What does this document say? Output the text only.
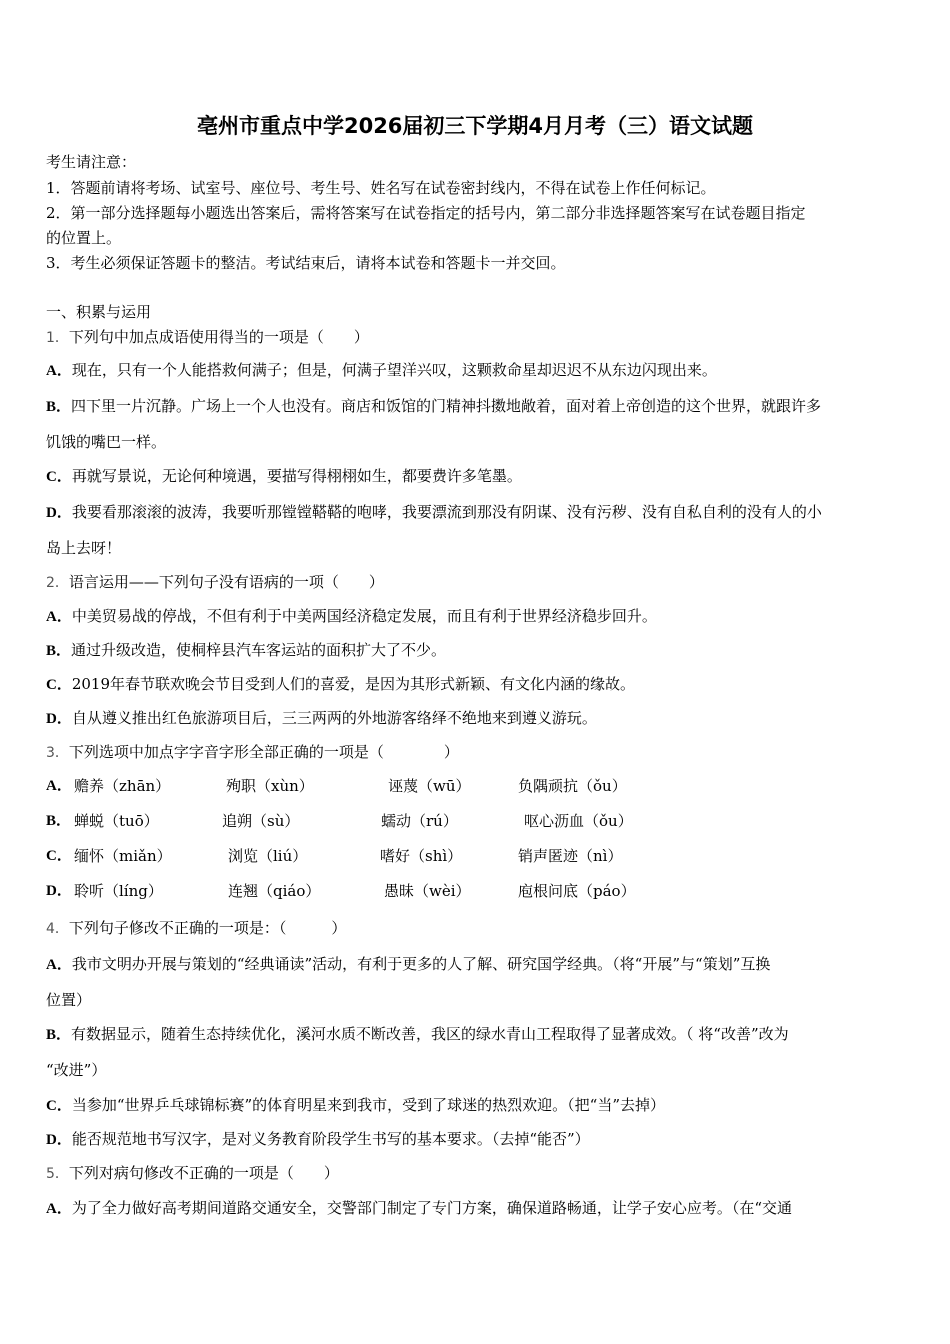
亳州市重点中学2026届初三下学期4月月考（三）语文试题
考生请注意：
1．答题前请将考场、试室号、座位号、考生号、姓名写在试卷密封线内，不得在试卷上作任何标记。
2．第一部分选择题每小题选出答案后，需将答案写在试卷指定的括号内，第二部分非选择题答案写在试卷题目指定
的位置上。
3．考生必须保证答题卡的整洁。考试结束后，请将本试卷和答题卡一并交回。
一、积累与运用
1．下列句中加点成语使用得当的一项是（　　）
A．现在，只有一个人能搭救何满子；但是，何满子望洋兴叹，这颗救命星却迟迟不从东边闪现出来。
B．四下里一片沉静。广场上一个人也没有。商店和饭馆的门精神抖擞地敞着，面对着上帝创造的这个世界，就跟许多
饥饿的嘴巴一样。
C．再就写景说，无论何种境遇，要描写得栩栩如生，都要费许多笔墨。
D．我要看那滚滚的波涛，我要听那镗镗鞳鞳的咆哮，我要漂流到那没有阴谋、没有污秽、没有自私自利的没有人的小
岛上去呀！
2．语言运用——下列句子没有语病的一项（　　）
A．中美贸易战的停战，不但有利于中美两国经济稳定发展，而且有利于世界经济稳步回升。
B．通过升级改造，使桐梓县汽车客运站的面积扩大了不少。
C．2019年春节联欢晚会节目受到人们的喜爱，是因为其形式新颖、有文化内涵的缘故。
D．自从遵义推出红色旅游项目后，三三两两的外地游客络绎不绝地来到遵义游玩。
3．下列选项中加点字字音字形全部正确的一项是（　　　　）
A． 赡养（zhān）	殉职（xùn）	诬蔑（wū）	负隅顽抗（ǒu）
B． 蝉蜕（tuō）	追朔（sù）	蠕动（rú）	呕心沥血（ǒu）
C． 缅怀（miǎn）	浏览（liú）	嗜好（shì）	销声匿迹（nì）
D． 聆听（líng）	连翘（qiáo）	愚昧（wèi）	庖根问底（páo）
4．下列句子修改不正确的一项是：（　　　）
A．我市文明办开展与策划的“经典诵读”活动，有利于更多的人了解、研究国学经典。（将“开展”与“策划”互换
位置）
B．有数据显示，随着生态持续优化，溪河水质不断改善，我区的绿水青山工程取得了显著成效。（ 将“改善”改为
“改进”）
C．当参加“世界乒乓球锦标赛”的体育明星来到我市，受到了球迷的热烈欢迎。（把“当”去掉）
D．能否规范地书写汉字，是对义务教育阶段学生书写的基本要求。（去掉“能否”）
5．下列对病句修改不正确的一项是（　　）
A．为了全力做好高考期间道路交通安全，交警部门制定了专门方案，确保道路畅通，让学子安心应考。（在“交通
